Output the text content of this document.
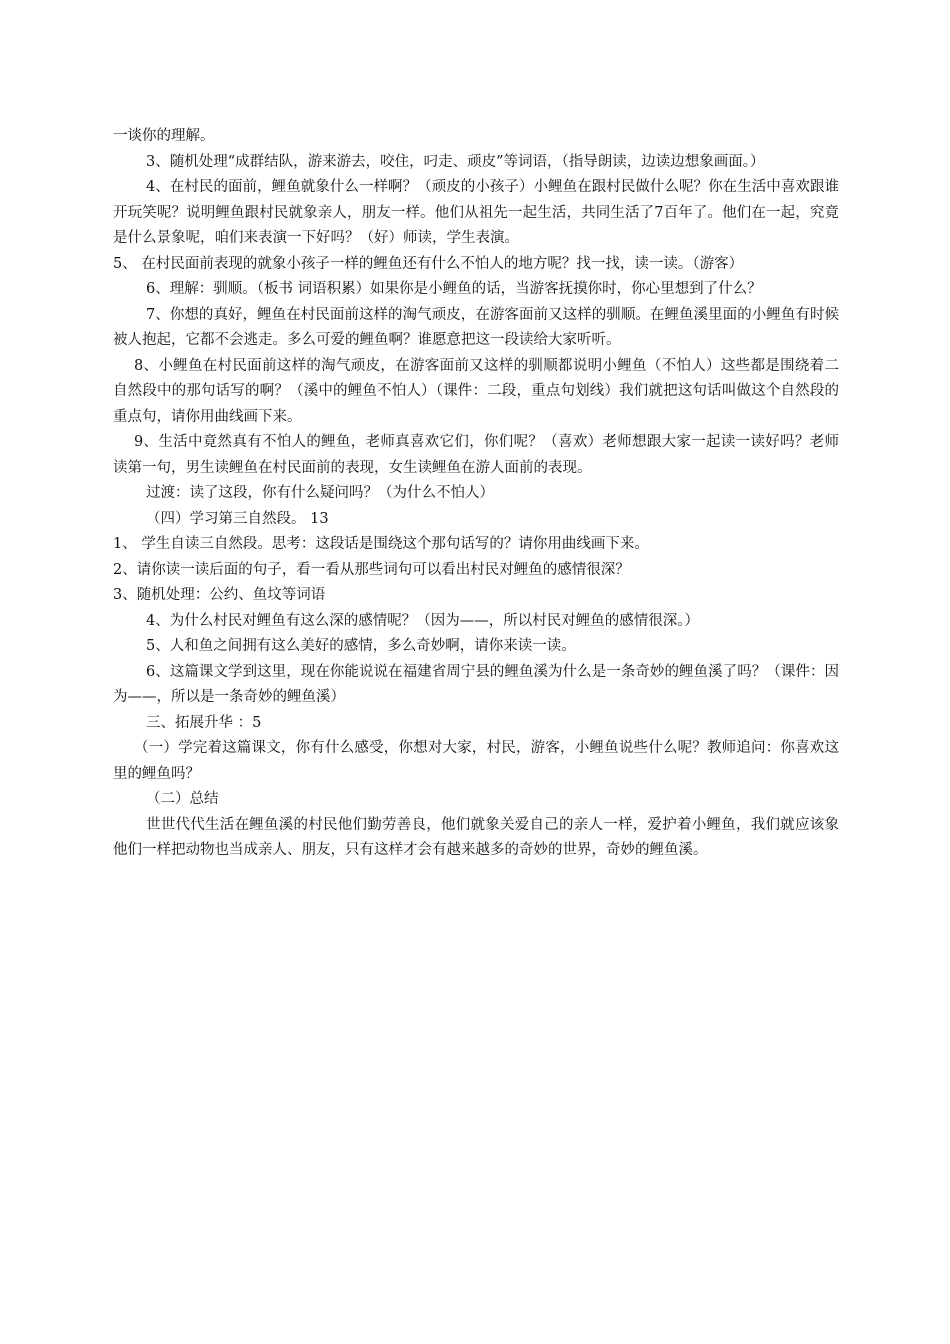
一谈你的理解。

3、随机处理“成群结队，游来游去，咬住，叼走、顽皮”等词语，（指导朗读，边读边想象画面。）

4、在村民的面前，鲤鱼就象什么一样啊？（顽皮的小孩子）小鲤鱼在跟村民做什么呢？你在生活中喜欢跟谁开玩笑呢？说明鲤鱼跟村民就象亲人，朋友一样。他们从祖先一起生活，共同生活了7百年了。他们在一起，究竟是什么景象呢，咱们来表演一下好吗？（好）师读，学生表演。

5、 在村民面前表现的就象小孩子一样的鲤鱼还有什么不怕人的地方呢？找一找，读一读。（游客）

6、理解：驯顺。（板书 词语积累）如果你是小鲤鱼的话，当游客抚摸你时，你心里想到了什么？

7、你想的真好，鲤鱼在村民面前这样的淘气顽皮，在游客面前又这样的驯顺。在鲤鱼溪里面的小鲤鱼有时候被人抱起，它都不会逃走。多么可爱的鲤鱼啊？谁愿意把这一段读给大家听听。

8、小鲤鱼在村民面前这样的淘气顽皮，在游客面前又这样的驯顺都说明小鲤鱼（不怕人）这些都是围绕着二自然段中的那句话写的啊？（溪中的鲤鱼不怕人）（课件：二段，重点句划线）我们就把这句话叫做这个自然段的重点句，请你用曲线画下来。

9、生活中竟然真有不怕人的鲤鱼，老师真喜欢它们，你们呢？（喜欢）老师想跟大家一起读一读好吗？老师读第一句，男生读鲤鱼在村民面前的表现，女生读鲤鱼在游人面前的表现。

过渡：读了这段，你有什么疑问吗？（为什么不怕人）

（四）学习第三自然段。 13

1、 学生自读三自然段。思考：这段话是围绕这个那句话写的？请你用曲线画下来。

2、请你读一读后面的句子，看一看从那些词句可以看出村民对鲤鱼的感情很深？

3、随机处理：公约、鱼坟等词语

4、为什么村民对鲤鱼有这么深的感情呢？（因为——，所以村民对鲤鱼的感情很深。）

5、人和鱼之间拥有这么美好的感情，多么奇妙啊，请你来读一读。

6、这篇课文学到这里，现在你能说说在福建省周宁县的鲤鱼溪为什么是一条奇妙的鲤鱼溪了吗？（课件：因为——，所以是一条奇妙的鲤鱼溪）

三、拓展升华 ：5

（一）学完着这篇课文，你有什么感受，你想对大家，村民，游客，小鲤鱼说些什么呢？教师追问：你喜欢这里的鲤鱼吗？

（二）总结

世世代代生活在鲤鱼溪的村民他们勤劳善良，他们就象关爱自己的亲人一样，爱护着小鲤鱼，我们就应该象他们一样把动物也当成亲人、朋友，只有这样才会有越来越多的奇妙的世界，奇妙的鲤鱼溪。
